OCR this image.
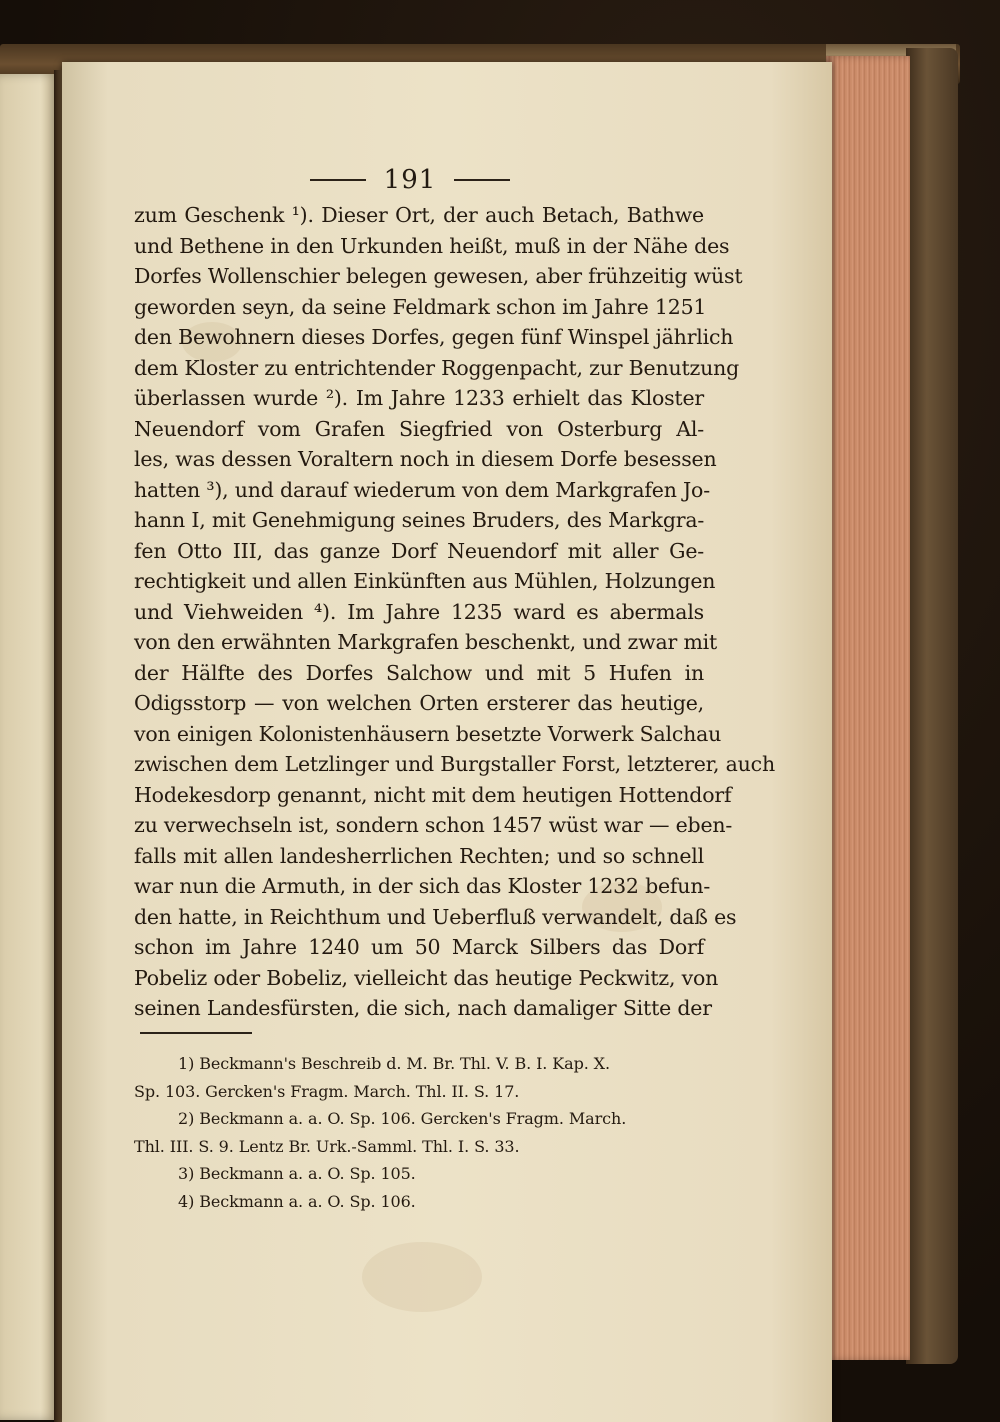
191
zum Geschenk ¹). Dieser Ort, der auch Betach, Bathwe
und Bethene in den Urkunden heißt, muß in der Nähe des
Dorfes Wollenschier belegen gewesen, aber frühzeitig wüst
geworden seyn, da seine Feldmark schon im Jahre 1251
den Bewohnern dieses Dorfes, gegen fünf Winspel jährlich
dem Kloster zu entrichtender Roggenpacht, zur Benutzung
überlassen wurde ²). Im Jahre 1233 erhielt das Kloster
Neuendorf vom Grafen Siegfried von Osterburg Al-
les, was dessen Voraltern noch in diesem Dorfe besessen
hatten ³), und darauf wiederum von dem Markgrafen Jo-
hann I, mit Genehmigung seines Bruders, des Markgra-
fen Otto III, das ganze Dorf Neuendorf mit aller Ge-
rechtigkeit und allen Einkünften aus Mühlen, Holzungen
und Viehweiden ⁴). Im Jahre 1235 ward es abermals
von den erwähnten Markgrafen beschenkt, und zwar mit
der Hälfte des Dorfes Salchow und mit 5 Hufen in
Odigsstorp — von welchen Orten ersterer das heutige,
von einigen Kolonistenhäusern besetzte Vorwerk Salchau
zwischen dem Letzlinger und Burgstaller Forst, letzterer, auch
Hodekesdorp genannt, nicht mit dem heutigen Hottendorf
zu verwechseln ist, sondern schon 1457 wüst war — eben-
falls mit allen landesherrlichen Rechten; und so schnell
war nun die Armuth, in der sich das Kloster 1232 befun-
den hatte, in Reichthum und Ueberfluß verwandelt, daß es
schon im Jahre 1240 um 50 Marck Silbers das Dorf
Pobeliz oder Bobeliz, vielleicht das heutige Peckwitz, von
seinen Landesfürsten, die sich, nach damaliger Sitte der
1) Beckmann's Beschreib d. M. Br. Thl. V. B. I. Kap. X.
Sp. 103. Gercken's Fragm. March. Thl. II. S. 17.
2) Beckmann a. a. O. Sp. 106. Gercken's Fragm. March.
Thl. III. S. 9. Lentz Br. Urk.-Samml. Thl. I. S. 33.
3) Beckmann a. a. O. Sp. 105.
4) Beckmann a. a. O. Sp. 106.
